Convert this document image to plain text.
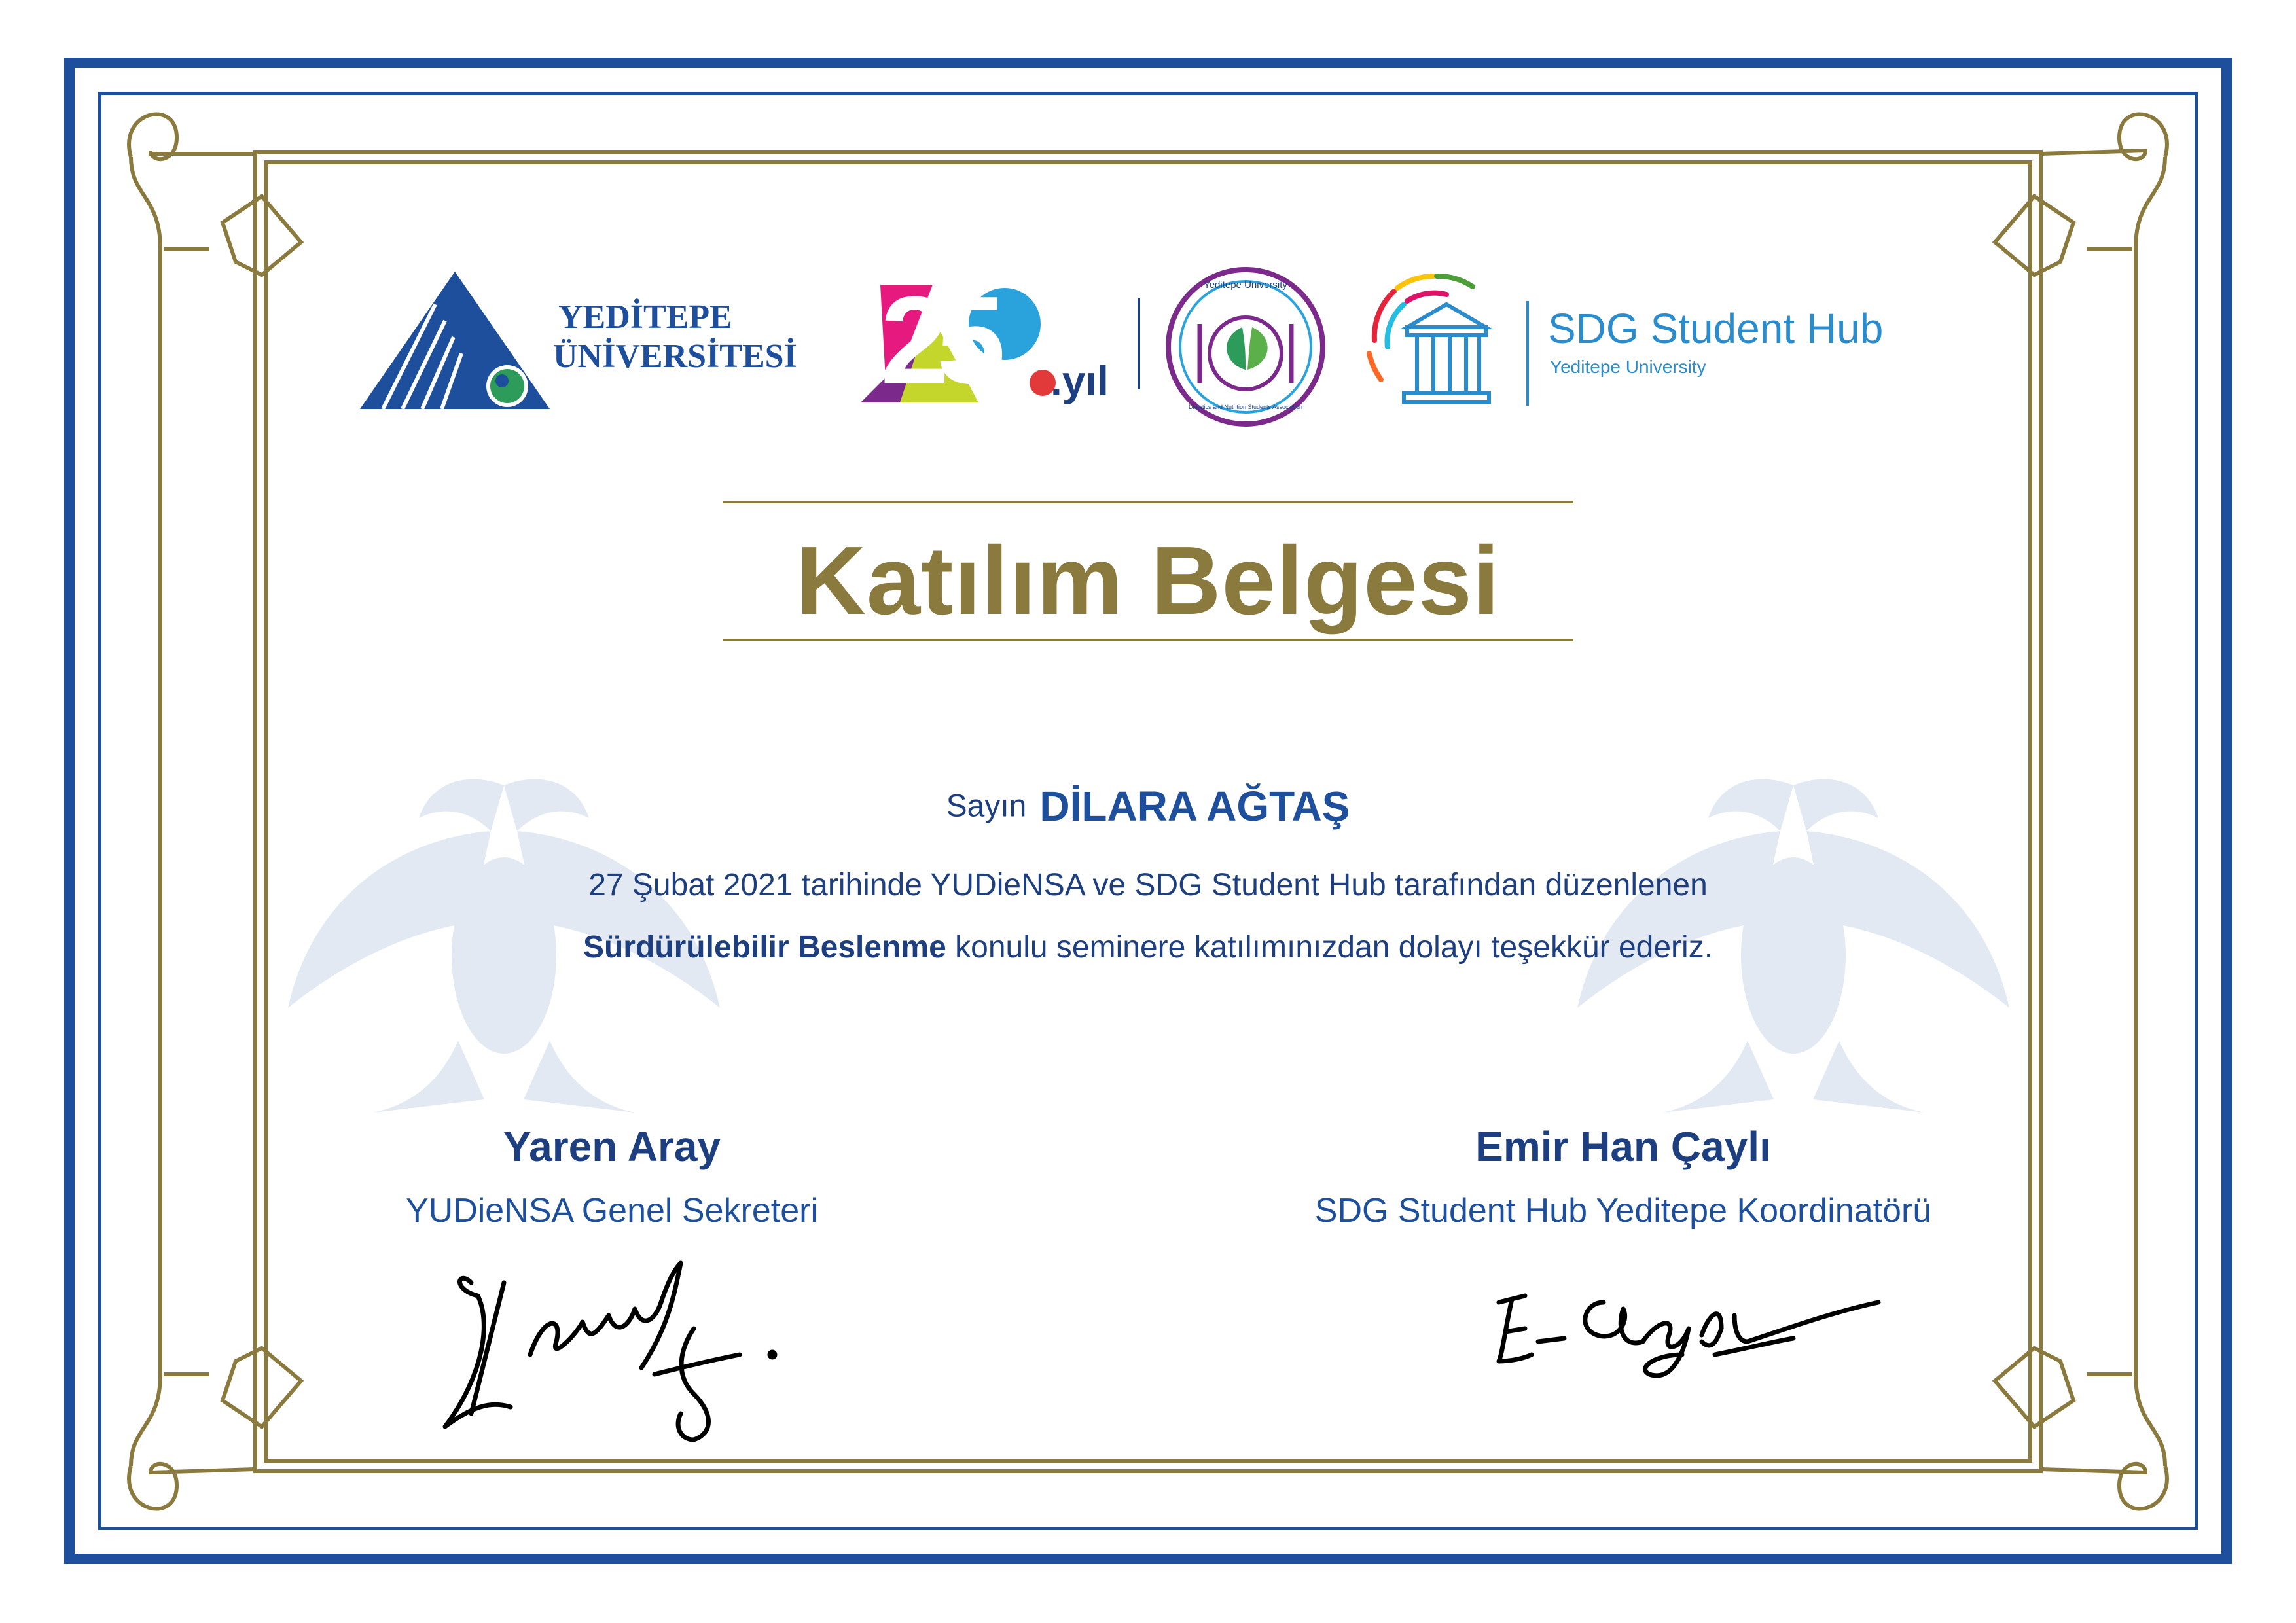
YEDİTEPE
ÜNİVERSİTESİ 25 .yıl
Yeditepe University
Dietetics and Nutrition Students Association
SDG Student Hub
Yeditepe University
Katılım Belgesi
Sayın DİLARA AĞTAŞ
27 Şubat 2021 tarihinde YUDieNSA ve SDG Student Hub tarafından düzenlenen
Sürdürülebilir Beslenme konulu seminere katılımınızdan dolayı teşekkür ederiz.
Yaren Aray
YUDieNSA Genel Sekreteri
Emir Han Çaylı
SDG Student Hub Yeditepe Koordinatörü
